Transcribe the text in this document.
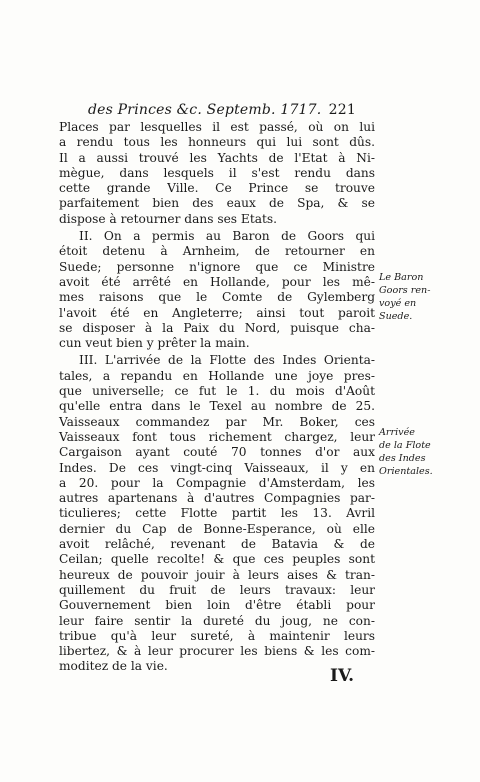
des Princes &c. Septemb. 1717. 221
Places par lesquelles il est passé, où on lui
a rendu tous les honneurs qui lui sont dûs.
Il a aussi trouvé les Yachts de l'Etat à Ni-
mègue, dans lesquels il s'est rendu dans
cette grande Ville. Ce Prince se trouve
parfaitement bien des eaux de Spa, & se
dispose à retourner dans ses Etats.
II. On a permis au Baron de Goors qui
étoit detenu à Arnheim, de retourner en
Suede; personne n'ignore que ce Ministre
avoit été arrêté en Hollande, pour les mê-
mes raisons que le Comte de Gylemberg
l'avoit été en Angleterre; ainsi tout paroit
se disposer à la Paix du Nord, puisque cha-
cun veut bien y prêter la main.
III. L'arrivée de la Flotte des Indes Orienta-
tales, a repandu en Hollande une joye pres-
que universelle; ce fut le 1. du mois d'Août
qu'elle entra dans le Texel au nombre de 25.
Vaisseaux commandez par Mr. Boker, ces
Vaisseaux font tous richement chargez, leur
Cargaison ayant couté 70 tonnes d'or aux
Indes. De ces vingt-cinq Vaisseaux, il y en
a 20. pour la Compagnie d'Amsterdam, les
autres apartenans à d'autres Compagnies par-
ticulieres; cette Flotte partit les 13. Avril
dernier du Cap de Bonne-Esperance, où elle
avoit relâché, revenant de Batavia & de
Ceilan; quelle recolte! & que ces peuples sont
heureux de pouvoir jouir à leurs aises & tran-
quillement du fruit de leurs travaux: leur
Gouvernement bien loin d'être établi pour
leur faire sentir la dureté du joug, ne con-
tribue qu'à leur sureté, à maintenir leurs
libertez, & à leur procurer les biens & les com-
moditez de la vie.
Le Baron
Goors ren-
voyé en
Suede.
Arrivée
de la Flote
des Indes
Orientales.
IV.
